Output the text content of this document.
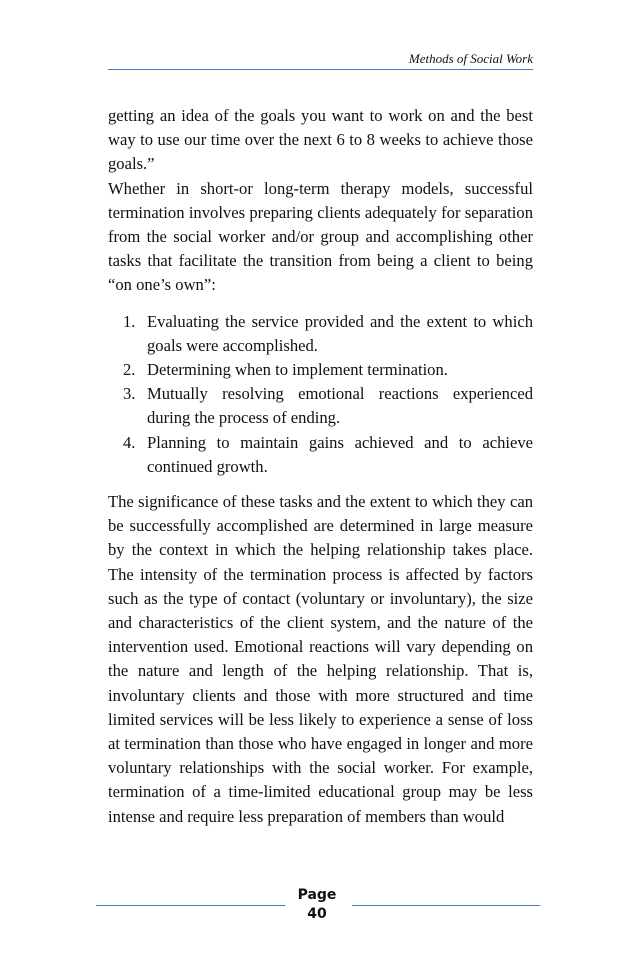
Methods of Social Work

getting an idea of the goals you want to work on and the best way to use our time over the next 6 to 8 weeks to achieve those goals.”

Whether in short-or long-term therapy models, successful termination involves preparing clients adequately for separation from the social worker and/or group and accomplishing other tasks that facilitate the transition from being a client to being “on one’s own”:

1. Evaluating the service provided and the extent to which goals were accomplished.
2. Determining when to implement termination.
3. Mutually resolving emotional reactions experienced during the process of ending.
4. Planning to maintain gains achieved and to achieve continued growth.

The significance of these tasks and the extent to which they can be successfully accomplished are determined in large measure by the context in which the helping relationship takes place. The intensity of the termination process is affected by factors such as the type of contact (voluntary or involuntary), the size and characteristics of the client system, and the nature of the intervention used. Emotional reactions will vary depending on the nature and length of the helping relationship. That is, involuntary clients and those with more structured and time limited services will be less likely to experience a sense of loss at termination than those who have engaged in longer and more voluntary relationships with the social worker. For example, termination of a time-limited educational group may be less intense and require less preparation of members than would

Page
40
